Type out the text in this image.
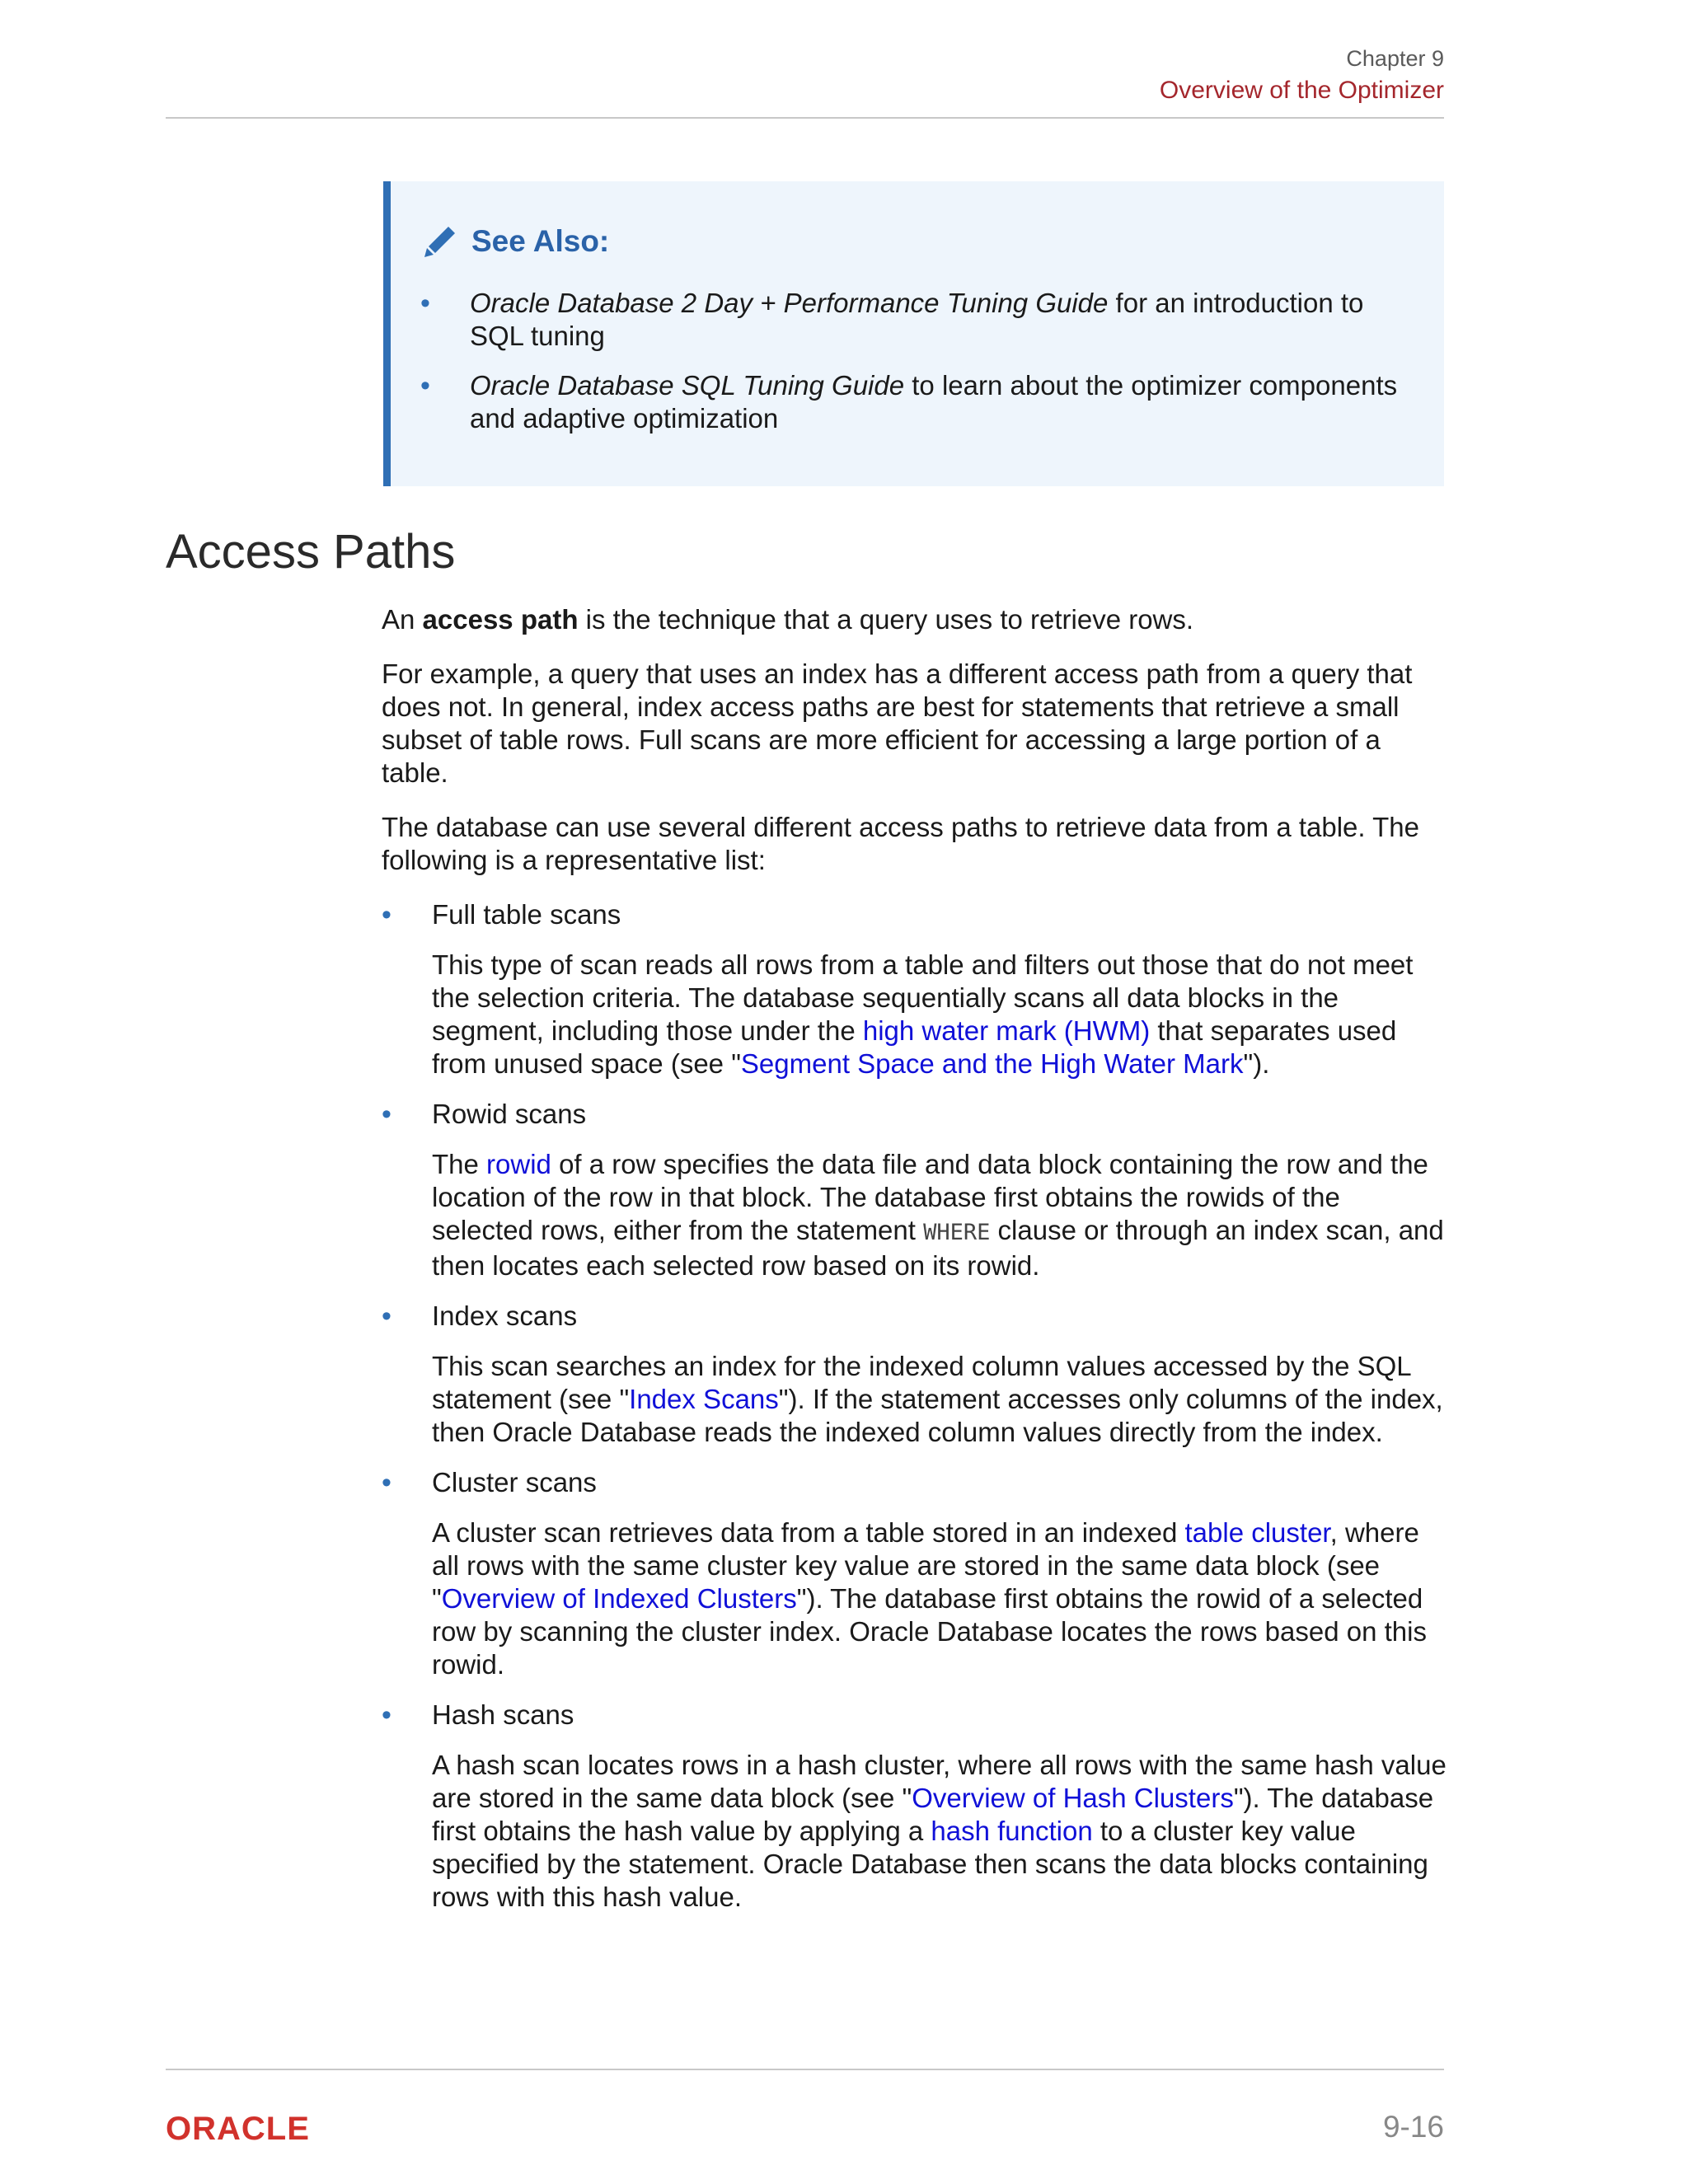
Chapter 9
Overview of the Optimizer
See Also:
• Oracle Database 2 Day + Performance Tuning Guide for an introduction to SQL tuning
• Oracle Database SQL Tuning Guide to learn about the optimizer components and adaptive optimization
Access Paths

An access path is the technique that a query uses to retrieve rows.

For example, a query that uses an index has a different access path from a query that does not. In general, index access paths are best for statements that retrieve a small subset of table rows. Full scans are more efficient for accessing a large portion of a table.

The database can use several different access paths to retrieve data from a table. The following is a representative list:

• Full table scans
This type of scan reads all rows from a table and filters out those that do not meet the selection criteria. The database sequentially scans all data blocks in the segment, including those under the high water mark (HWM) that separates used from unused space (see "Segment Space and the High Water Mark").
• Rowid scans
The rowid of a row specifies the data file and data block containing the row and the location of the row in that block. The database first obtains the rowids of the selected rows, either from the statement WHERE clause or through an index scan, and then locates each selected row based on its rowid.
• Index scans
This scan searches an index for the indexed column values accessed by the SQL statement (see "Index Scans"). If the statement accesses only columns of the index, then Oracle Database reads the indexed column values directly from the index.
• Cluster scans
A cluster scan retrieves data from a table stored in an indexed table cluster, where all rows with the same cluster key value are stored in the same data block (see "Overview of Indexed Clusters"). The database first obtains the rowid of a selected row by scanning the cluster index. Oracle Database locates the rows based on this rowid.
• Hash scans
A hash scan locates rows in a hash cluster, where all rows with the same hash value are stored in the same data block (see "Overview of Hash Clusters"). The database first obtains the hash value by applying a hash function to a cluster key value specified by the statement. Oracle Database then scans the data blocks containing rows with this hash value.
ORACLE	9-16
